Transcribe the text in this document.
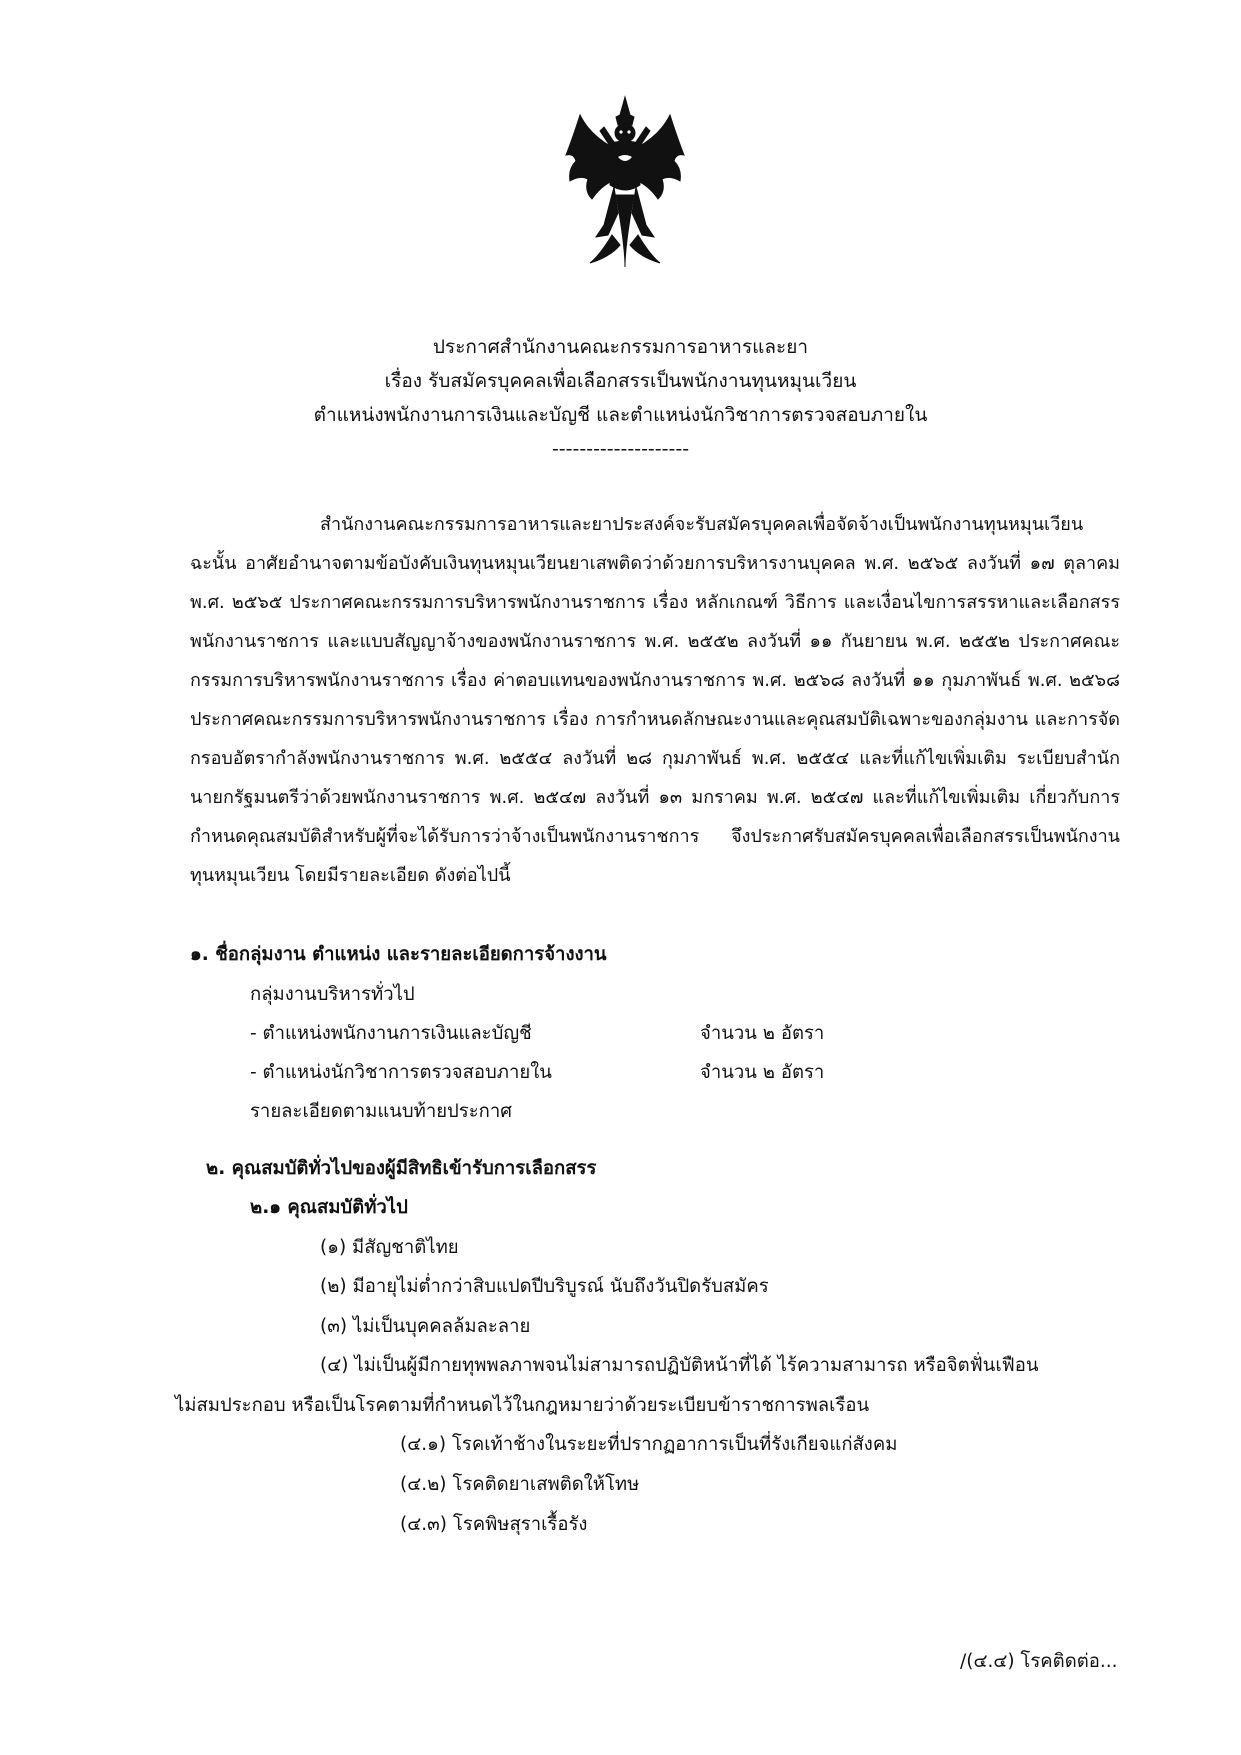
ประกาศสำนักงานคณะกรรมการอาหารและยา
เรื่อง รับสมัครบุคคลเพื่อเลือกสรรเป็นพนักงานทุนหมุนเวียน
ตำแหน่งพนักงานการเงินและบัญชี และตำแหน่งนักวิชาการตรวจสอบภายใน
--------------------
สำนักงานคณะกรรมการอาหารและยาประสงค์จะรับสมัครบุคคลเพื่อจัดจ้างเป็นพนักงานทุนหมุนเวียน ฉะนั้น อาศัยอำนาจตามข้อบังคับเงินทุนหมุนเวียนยาเสพติดว่าด้วยการบริหารงานบุคคล พ.ศ. ๒๕๖๕ ลงวันที่ ๑๗ ตุลาคม พ.ศ. ๒๕๖๕ ประกาศคณะกรรมการบริหารพนักงานราชการ เรื่อง หลักเกณฑ์ วิธีการ และเงื่อนไขการสรรหาและเลือกสรรพนักงานราชการ และแบบสัญญาจ้างของพนักงานราชการ พ.ศ. ๒๕๕๒ ลงวันที่ ๑๑ กันยายน พ.ศ. ๒๕๕๒ ประกาศคณะกรรมการบริหารพนักงานราชการ เรื่อง ค่าตอบแทนของพนักงานราชการ พ.ศ. ๒๕๖๘ ลงวันที่ ๑๑ กุมภาพันธ์ พ.ศ. ๒๕๖๘ ประกาศคณะกรรมการบริหารพนักงานราชการ เรื่อง การกำหนดลักษณะงานและคุณสมบัติเฉพาะของกลุ่มงาน และการจัดกรอบอัตรากำลังพนักงานราชการ พ.ศ. ๒๕๕๔ ลงวันที่ ๒๘ กุมภาพันธ์ พ.ศ. ๒๕๕๔ และที่แก้ไขเพิ่มเติม ระเบียบสำนักนายกรัฐมนตรีว่าด้วยพนักงานราชการ พ.ศ. ๒๕๔๗ ลงวันที่ ๑๓ มกราคม พ.ศ. ๒๕๔๗ และที่แก้ไขเพิ่มเติม เกี่ยวกับการกำหนดคุณสมบัติสำหรับผู้ที่จะได้รับการว่าจ้างเป็นพนักงานราชการ จึงประกาศรับสมัครบุคคลเพื่อเลือกสรรเป็นพนักงานทุนหมุนเวียน โดยมีรายละเอียด ดังต่อไปนี้
๑. ชื่อกลุ่มงาน ตำแหน่ง และรายละเอียดการจ้างงาน
กลุ่มงานบริหารทั่วไป
- ตำแหน่งพนักงานการเงินและบัญชี	จำนวน ๒ อัตรา
- ตำแหน่งนักวิชาการตรวจสอบภายใน	จำนวน ๒ อัตรา
รายละเอียดตามแนบท้ายประกาศ
๒. คุณสมบัติทั่วไปของผู้มีสิทธิเข้ารับการเลือกสรร
๒.๑ คุณสมบัติทั่วไป
(๑) มีสัญชาติไทย
(๒) มีอายุไม่ต่ำกว่าสิบแปดปีบริบูรณ์ นับถึงวันปิดรับสมัคร
(๓) ไม่เป็นบุคคลล้มละลาย
(๔) ไม่เป็นผู้มีกายทุพพลภาพจนไม่สามารถปฏิบัติหน้าที่ได้ ไร้ความสามารถ หรือจิตฟั่นเฟือน
ไม่สมประกอบ หรือเป็นโรคตามที่กำหนดไว้ในกฎหมายว่าด้วยระเบียบข้าราชการพลเรือน
(๔.๑) โรคเท้าช้างในระยะที่ปรากฏอาการเป็นที่รังเกียจแก่สังคม
(๔.๒) โรคติดยาเสพติดให้โทษ
(๔.๓) โรคพิษสุราเรื้อรัง
/(๔.๔) โรคติดต่อ...
